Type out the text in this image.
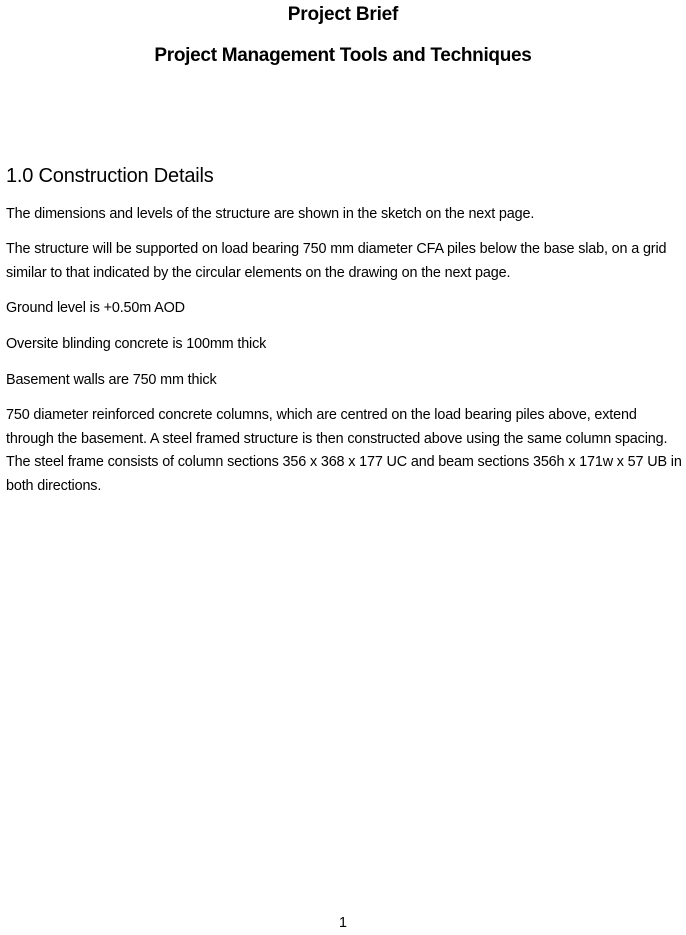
Project Brief
Project Management Tools and Techniques
1.0 Construction Details

The dimensions and levels of the structure are shown in the sketch on the next page.

The structure will be supported on load bearing 750 mm diameter CFA piles below the base slab, on a grid similar to that indicated by the circular elements on the drawing on the next page.

Ground level is +0.50m AOD

Oversite blinding concrete is 100mm thick

Basement walls are 750 mm thick

750 diameter reinforced concrete columns, which are centred on the load bearing piles above, extend through the basement. A steel framed structure is then constructed above using the same column spacing. The steel frame consists of column sections 356 x 368 x 177 UC and beam sections 356h x 171w x 57 UB in both directions.

1
